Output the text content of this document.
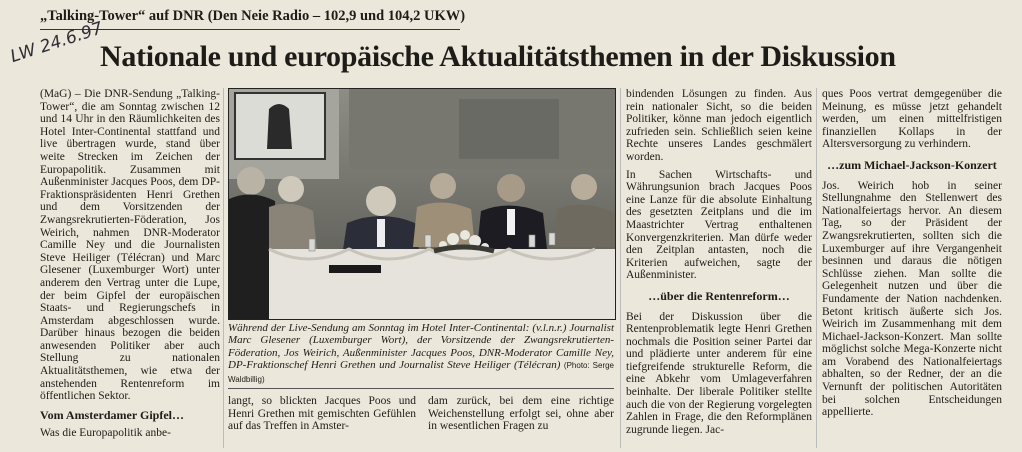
„Talking-Tower“ auf DNR (Den Neie Radio – 102,9 und 104,2 UKW)
LW 24.6.97
Nationale und europäische Aktualitätsthemen in der Diskussion

(MaG) – Die DNR-Sendung „Talking-Tower“, die am Sonntag zwischen 12 und 14 Uhr in den Räumlichkeiten des Hotel Inter-Continental stattfand und live übertragen wurde, stand über weite Strecken im Zeichen der Europapolitik. Zusammen mit Außenminister Jacques Poos, dem DP-Fraktionspräsidenten Henri Grethen und dem Vorsitzenden der Zwangsrekrutierten-Föderation, Jos Weirich, nahmen DNR-Moderator Camille Ney und die Journalisten Steve Heiliger (Télécran) und Marc Glesener (Luxemburger Wort) unter anderem den Vertrag unter die Lupe, der beim Gipfel der europäischen Staats- und Regierungschefs in Amsterdam abgeschlossen wurde. Darüber hinaus bezogen die beiden anwesenden Politiker aber auch Stellung zu nationalen Aktualitätsthemen, wie etwa der anstehenden Rentenreform im öffentlichen Sektor.

Vom Amsterdamer Gipfel…

Was die Europapolitik anbe-

Während der Live-Sendung am Sonntag im Hotel Inter-Continental: (v.l.n.r.) Journalist Marc Glesener (Luxemburger Wort), der Vorsitzende der Zwangsrekrutierten-Föderation, Jos Weirich, Außenminister Jacques Poos, DNR-Moderator Camille Ney, DP-Fraktionschef Henri Grethen und Journalist Steve Heiliger (Télécran) (Photo: Serge Waldbillig)

langt, so blickten Jacques Poos und Henri Grethen mit gemischten Gefühlen auf das Treffen in Amster-

dam zurück, bei dem eine richtige Weichenstellung erfolgt sei, ohne aber in wesentlichen Fragen zu

bindenden Lösungen zu finden. Aus rein nationaler Sicht, so die beiden Politiker, könne man jedoch eigentlich zufrieden sein. Schließlich seien keine Rechte unseres Landes geschmälert worden.

In Sachen Wirtschafts- und Währungsunion brach Jacques Poos eine Lanze für die absolute Einhaltung des gesetzten Zeitplans und die im Maastrichter Vertrag enthaltenen Konvergenzkriterien. Man dürfe weder den Zeitplan antasten, noch die Kriterien aufweichen, sagte der Außenminister.

…über die Rentenreform…

Bei der Diskussion über die Rentenproblematik legte Henri Grethen nochmals die Position seiner Partei dar und plädierte unter anderem für eine tiefgreifende strukturelle Reform, die eine Abkehr vom Umlageverfahren beinhalte. Der liberale Politiker stellte auch die von der Regierung vorgelegten Zahlen in Frage, die den Reformplänen zugrunde liegen. Jac-

ques Poos vertrat demgegenüber die Meinung, es müsse jetzt gehandelt werden, um einen mittelfristigen finanziellen Kollaps in der Altersversorgung zu verhindern.

…zum Michael-Jackson-Konzert

Jos. Weirich hob in seiner Stellungnahme den Stellenwert des Nationalfeiertags hervor. An diesem Tag, so der Präsident der Zwangsrekrutierten, sollten sich die Luxemburger auf ihre Vergangenheit besinnen und daraus die nötigen Schlüsse ziehen. Man sollte die Gelegenheit nutzen und über die Fundamente der Nation nachdenken. Betont kritisch äußerte sich Jos. Weirich im Zusammenhang mit dem Michael-Jackson-Konzert. Man sollte möglichst solche Mega-Konzerte nicht am Vorabend des Nationalfeiertags abhalten, so der Redner, der an die Vernunft der politischen Autoritäten bei solchen Entscheidungen appellierte.
